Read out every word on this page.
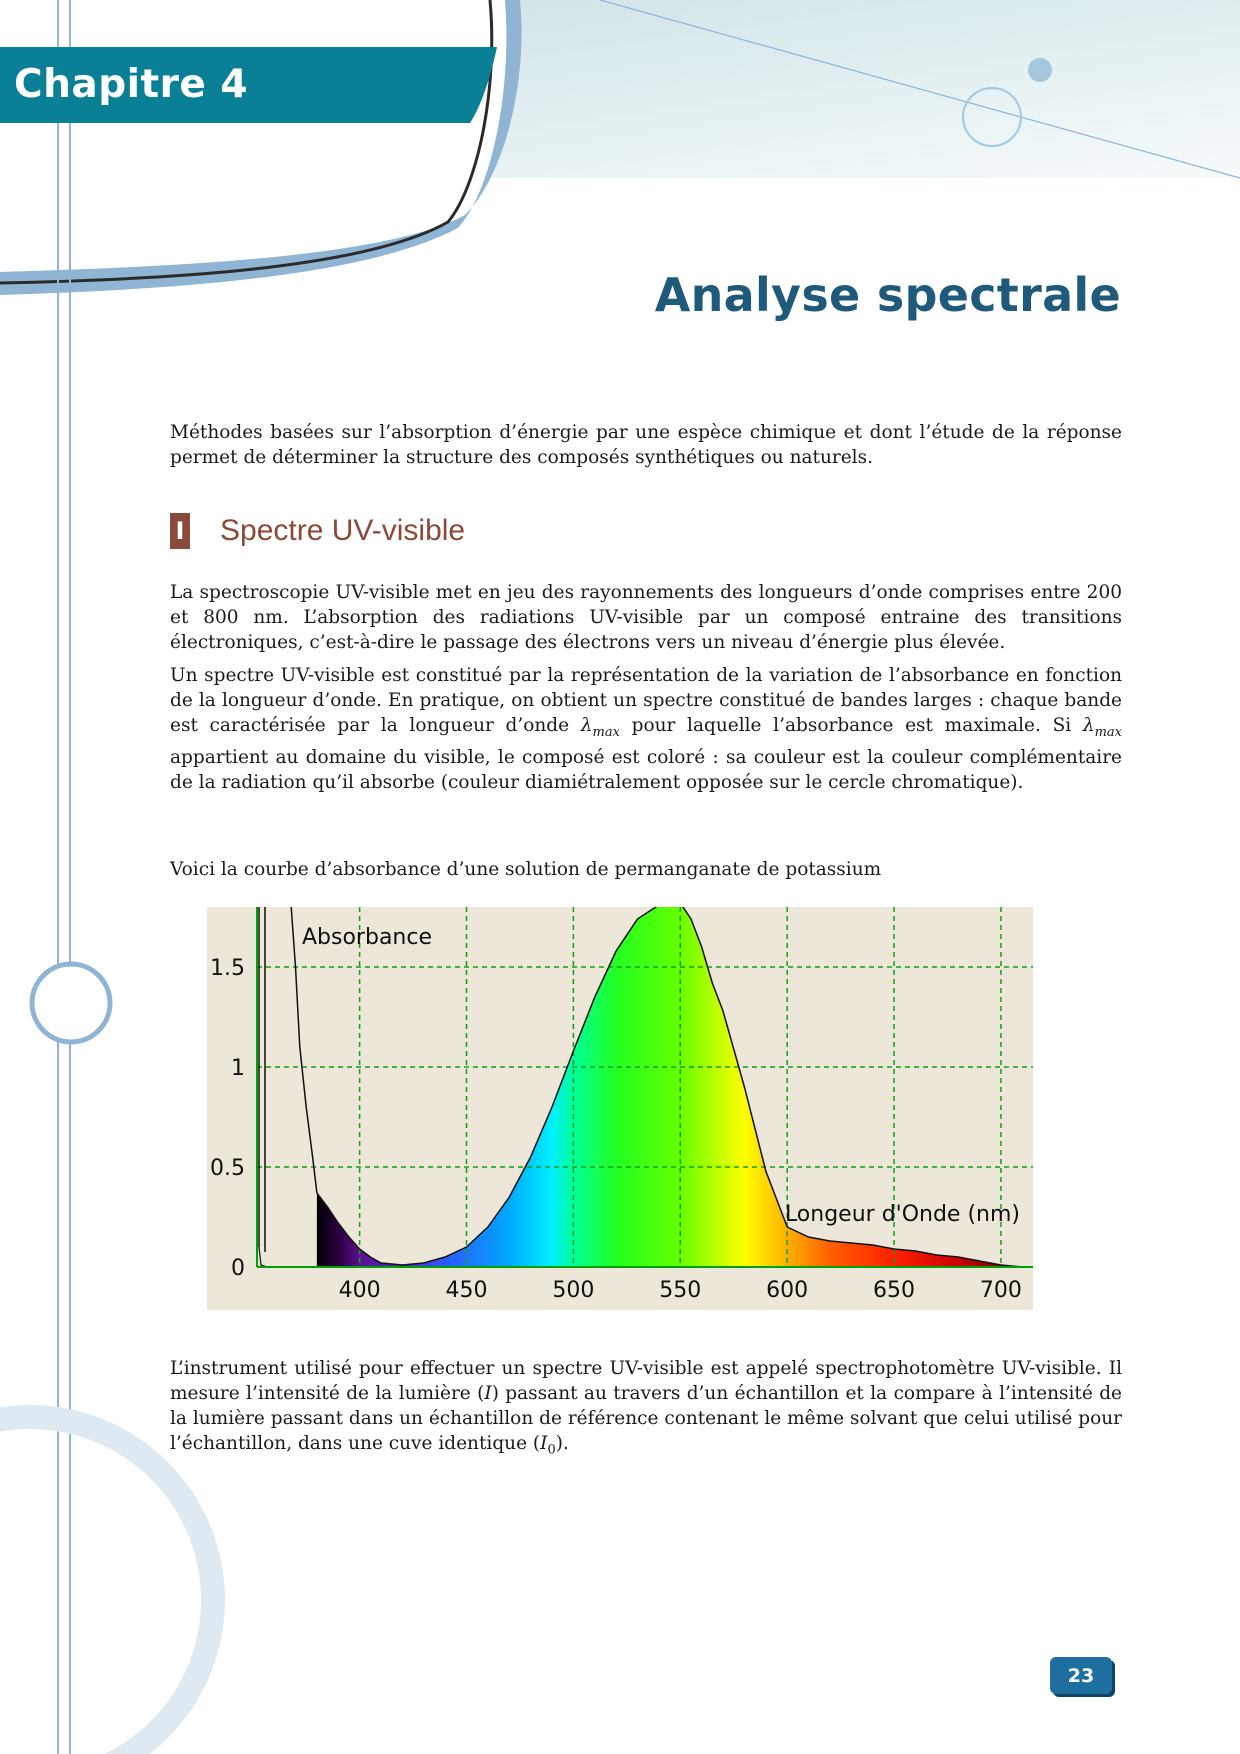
Chapitre 4
Analyse spectrale

Méthodes basées sur l’absorption d’énergie par une espèce chimique et dont l’étude de la réponse permet de déterminer la structure des composés synthétiques ou naturels.

I Spectre UV-visible

La spectroscopie UV-visible met en jeu des rayonnements des longueurs d’onde comprises entre 200 et 800 nm. L’absorption des radiations UV-visible par un composé entraine des transitions électroniques, c’est-à-dire le passage des électrons vers un niveau d’énergie plus élevée.

Un spectre UV-visible est constitué par la représentation de la variation de l’absorbance en fonction de la longueur d’onde. En pratique, on obtient un spectre constitué de bandes larges : chaque bande est caractérisée par la longueur d’onde $\lambda_{max}$ pour laquelle l’absorbance est maximale. Si $\lambda_{max}$ appartient au domaine du visible, le composé est coloré : sa couleur est la couleur complémentaire de la radiation qu’il absorbe (couleur diamiétralement opposée sur le cercle chromatique).

Voici la courbe d’absorbance d’une solution de permanganate de potassium

400	450	500	550	600	650	700
0
0.5
1
1.5
Absorbance
Longeur d'Onde (nm)

L’instrument utilisé pour effectuer un spectre UV-visible est appelé spectrophotomètre UV-visible. Il mesure l’intensité de la lumière (I) passant au travers d’un échantillon et la compare à l’intensité de la lumière passant dans un échantillon de référence contenant le même solvant que celui utilisé pour l’échantillon, dans une cuve identique $(I_0)$.

23
